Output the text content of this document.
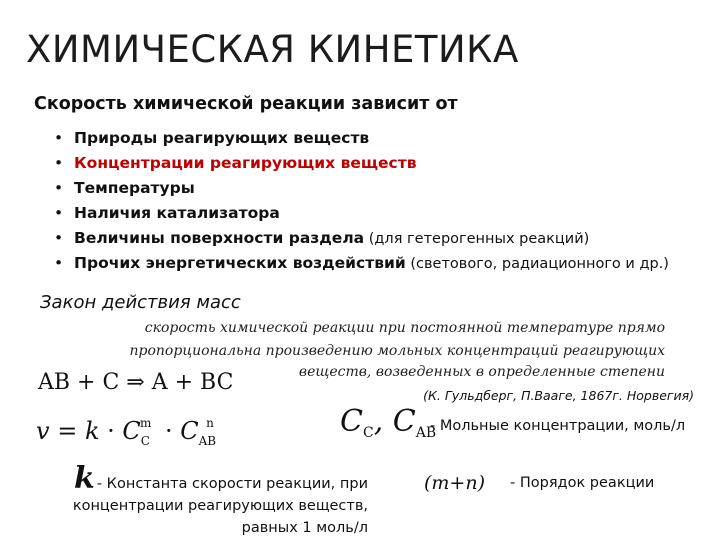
ХИМИЧЕСКАЯ КИНЕТИКА
Скорость химической реакции зависит от
• Природы реагирующих веществ
• Концентрации реагирующих веществ
• Температуры
• Наличия катализатора
• Величины поверхности раздела (для гетерогенных реакций)
• Прочих энергетических воздействий (светового, радиационного и др.)
Закон действия масс
скорость химической реакции при постоянной температуре прямо
пропорциональна произведению мольных концентраций реагирующих
веществ, возведенных в определенные степени
(К. Гульдберг, П.Вааге, 1867г. Норвегия)
AB + C ⇒ A + BC
$v = k \cdot C_C^m \cdot C_{AB}^n$	$C_C$, $C_{AB}$
- Мольные концентрации, моль/л
k - Константа скорости реакции, при
концентрации реагирующих веществ,
равных 1 моль/л
(m+n) - Порядок реакции
